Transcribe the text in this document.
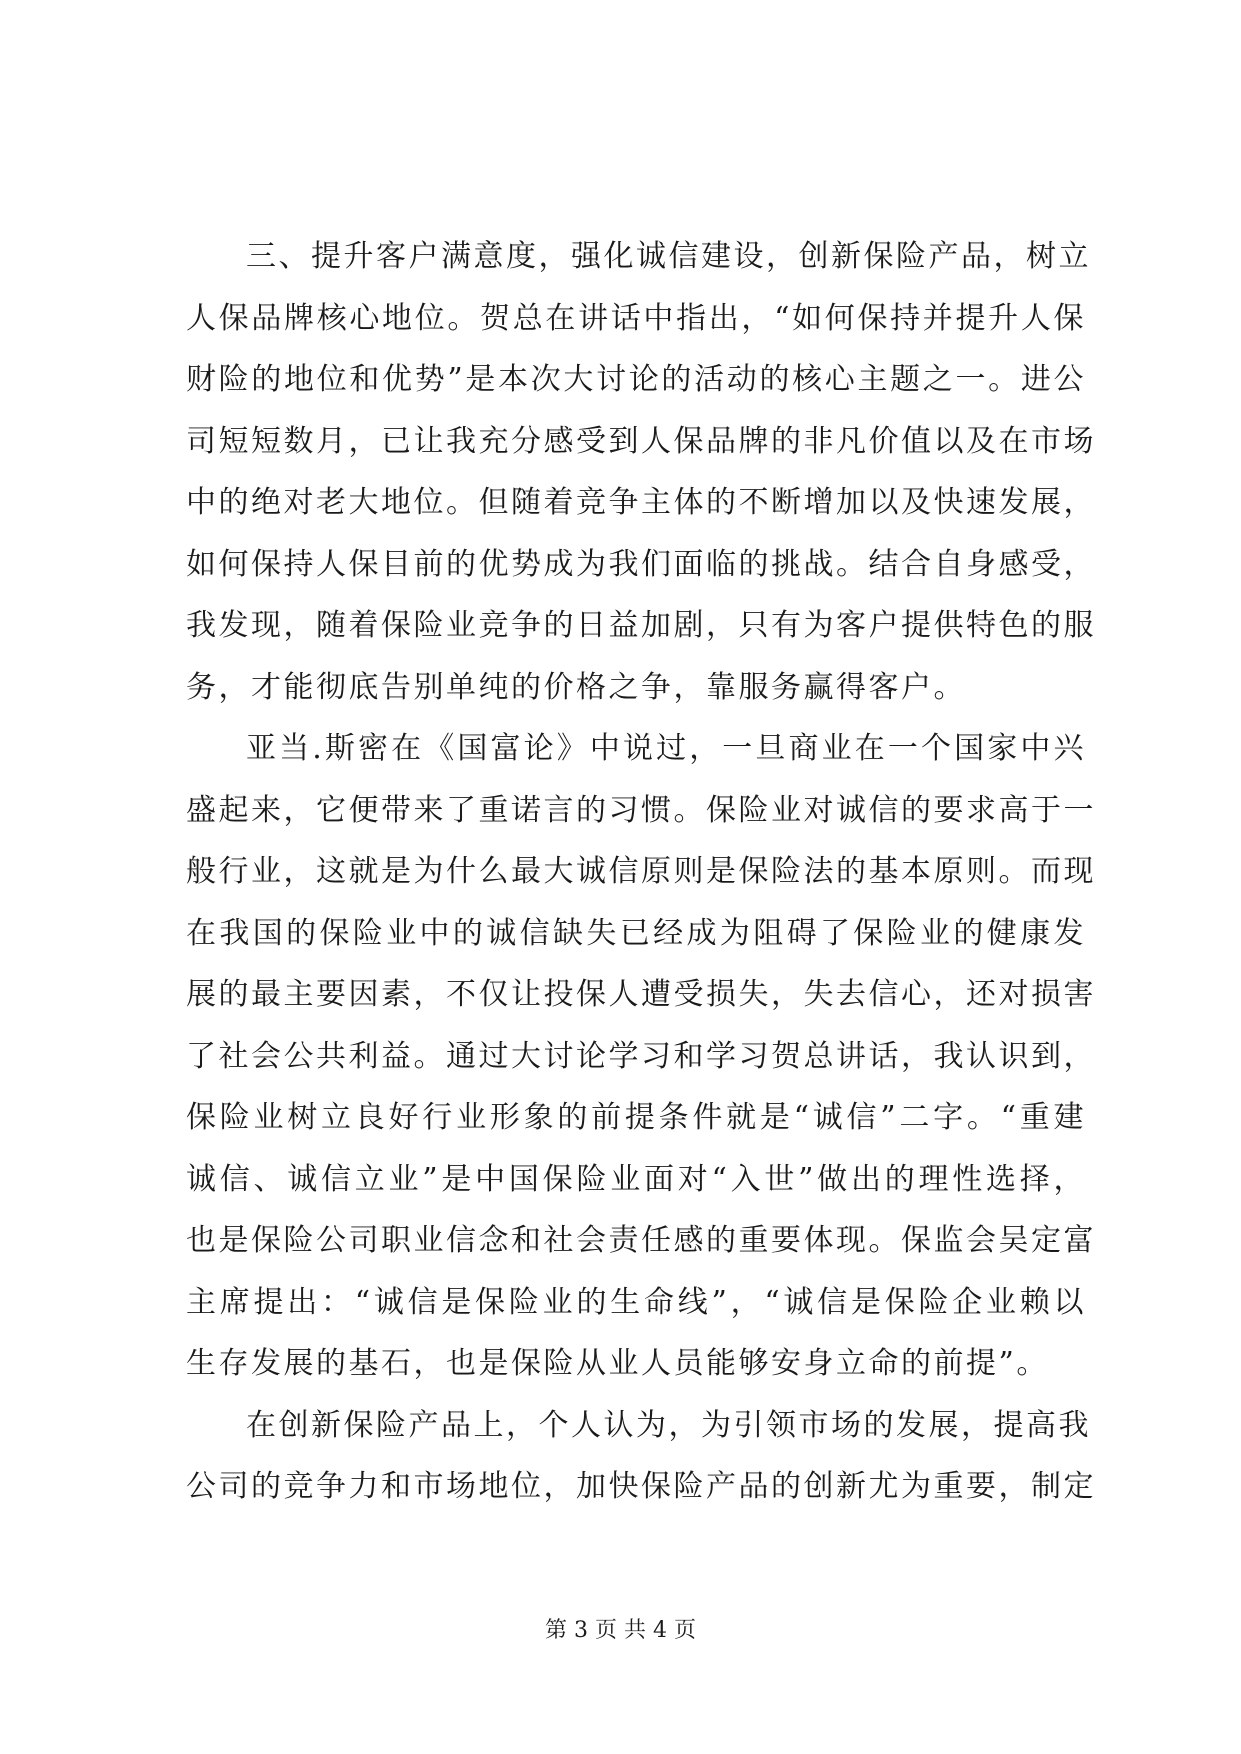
三、提升客户满意度，强化诚信建设，创新保险产品，树立
人保品牌核心地位。贺总在讲话中指出，“如何保持并提升人保
财险的地位和优势”是本次大讨论的活动的核心主题之一。进公
司短短数月，已让我充分感受到人保品牌的非凡价值以及在市场
中的绝对老大地位。但随着竞争主体的不断增加以及快速发展，
如何保持人保目前的优势成为我们面临的挑战。结合自身感受，
我发现，随着保险业竞争的日益加剧，只有为客户提供特色的服
务，才能彻底告别单纯的价格之争，靠服务赢得客户。
亚当.斯密在《国富论》中说过，一旦商业在一个国家中兴
盛起来，它便带来了重诺言的习惯。保险业对诚信的要求高于一
般行业，这就是为什么最大诚信原则是保险法的基本原则。而现
在我国的保险业中的诚信缺失已经成为阻碍了保险业的健康发
展的最主要因素，不仅让投保人遭受损失，失去信心，还对损害
了社会公共利益。通过大讨论学习和学习贺总讲话，我认识到，
保险业树立良好行业形象的前提条件就是“诚信”二字。“重建
诚信、诚信立业”是中国保险业面对“入世”做出的理性选择，
也是保险公司职业信念和社会责任感的重要体现。保监会吴定富
主席提出：“诚信是保险业的生命线”，“诚信是保险企业赖以
生存发展的基石，也是保险从业人员能够安身立命的前提”。
在创新保险产品上，个人认为，为引领市场的发展，提高我
公司的竞争力和市场地位，加快保险产品的创新尤为重要，制定
第 3 页 共 4 页
